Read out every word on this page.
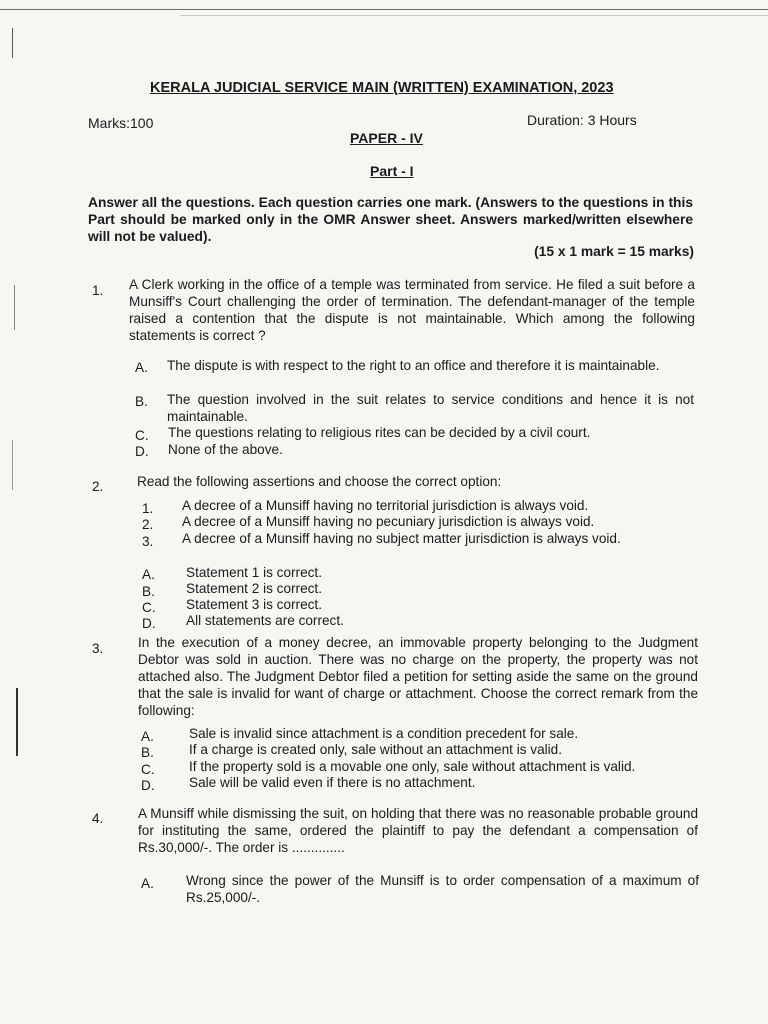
KERALA JUDICIAL SERVICE MAIN (WRITTEN) EXAMINATION, 2023
Marks:100	Duration: 3 Hours
PAPER - IV
Part - I
Answer all the questions. Each question carries one mark. (Answers to the questions in this Part should be marked only in the OMR Answer sheet. Answers marked/written elsewhere will not be valued).
(15 x 1 mark = 15 marks)
1. A Clerk working in the office of a temple was terminated from service. He filed a suit before a Munsiff's Court challenging the order of termination. The defendant-manager of the temple raised a contention that the dispute is not maintainable. Which among the following statements is correct ?
A. The dispute is with respect to the right to an office and therefore it is maintainable.
B. The question involved in the suit relates to service conditions and hence it is not maintainable.
C. The questions relating to religious rites can be decided by a civil court.
D. None of the above.
2. Read the following assertions and choose the correct option:
1. A decree of a Munsiff having no territorial jurisdiction is always void.
2. A decree of a Munsiff having no pecuniary jurisdiction is always void.
3. A decree of a Munsiff having no subject matter jurisdiction is always void.
A. Statement 1 is correct.
B. Statement 2 is correct.
C. Statement 3 is correct.
D. All statements are correct.
3.	In the execution of a money decree, an immovable property belonging to the Judgment Debtor was sold in auction. There was no charge on the property, the property was not attached also. The Judgment Debtor filed a petition for setting aside the same on the ground that the sale is invalid for want of charge or attachment. Choose the correct remark from the following:
A.	Sale is invalid since attachment is a condition precedent for sale.
B.	If a charge is created only, sale without an attachment is valid.
C.	If the property sold is a movable one only, sale without attachment is valid.
D.	Sale will be valid even if there is no attachment.
4.	A Munsiff while dismissing the suit, on holding that there was no reasonable probable ground for instituting the same, ordered the plaintiff to pay the defendant a compensation of Rs.30,000/-. The order is ..............
A. Wrong since the power of the Munsiff is to order compensation of a maximum of Rs.25,000/-.
